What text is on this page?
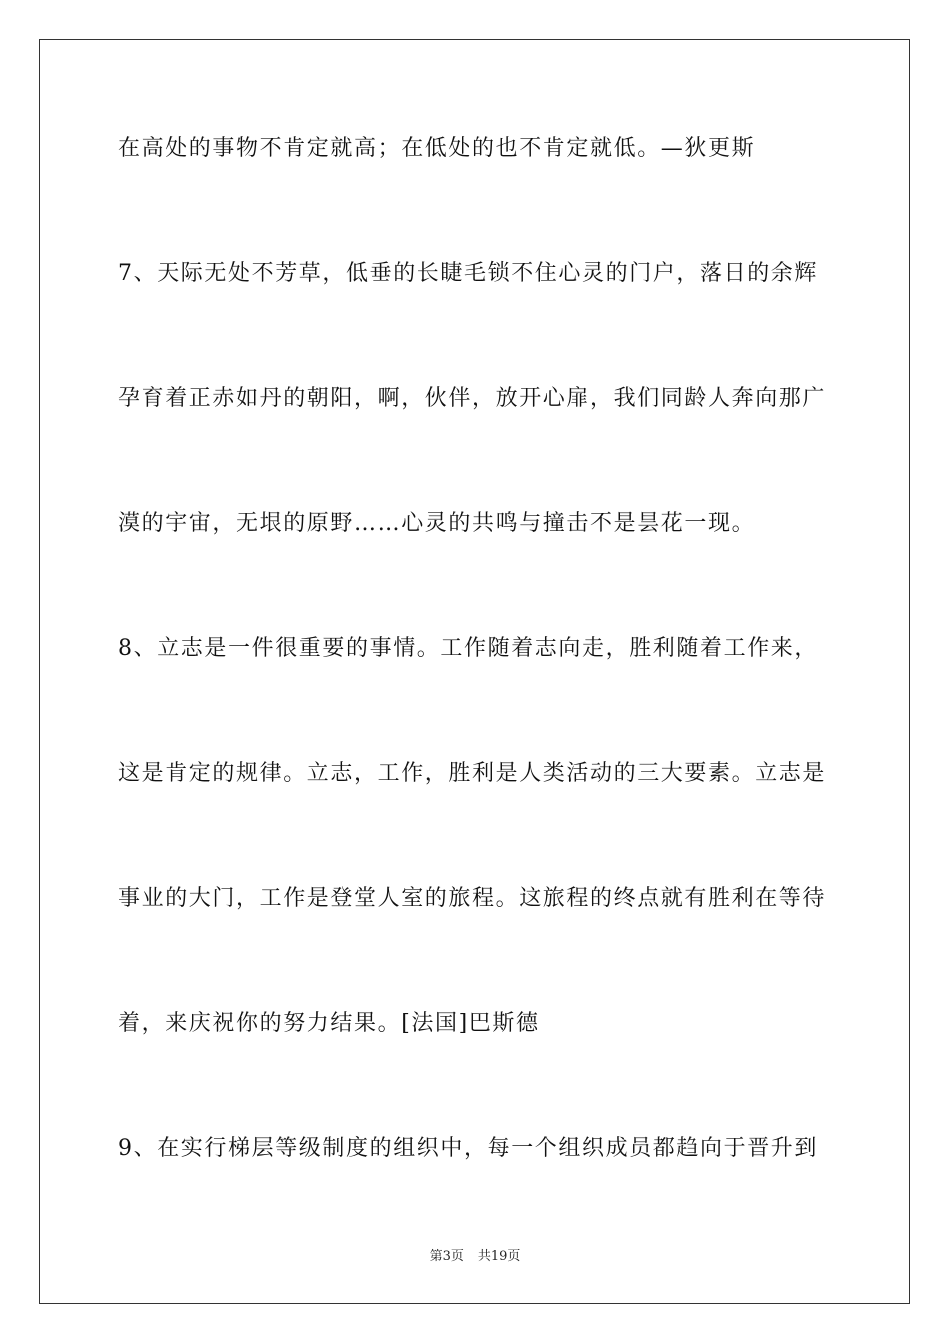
在高处的事物不肯定就高；在低处的也不肯定就低。—狄更斯
7、天际无处不芳草，低垂的长睫毛锁不住心灵的门户，落日的余辉
孕育着正赤如丹的朝阳，啊，伙伴，放开心扉，我们同龄人奔向那广
漠的宇宙，无垠的原野……心灵的共鸣与撞击不是昙花一现。
8、立志是一件很重要的事情。工作随着志向走，胜利随着工作来，
这是肯定的规律。立志，工作，胜利是人类活动的三大要素。立志是
事业的大门，工作是登堂人室的旅程。这旅程的终点就有胜利在等待
着，来庆祝你的努力结果。[法国]巴斯德
9、在实行梯层等级制度的组织中，每一个组织成员都趋向于晋升到
第3页 共19页
